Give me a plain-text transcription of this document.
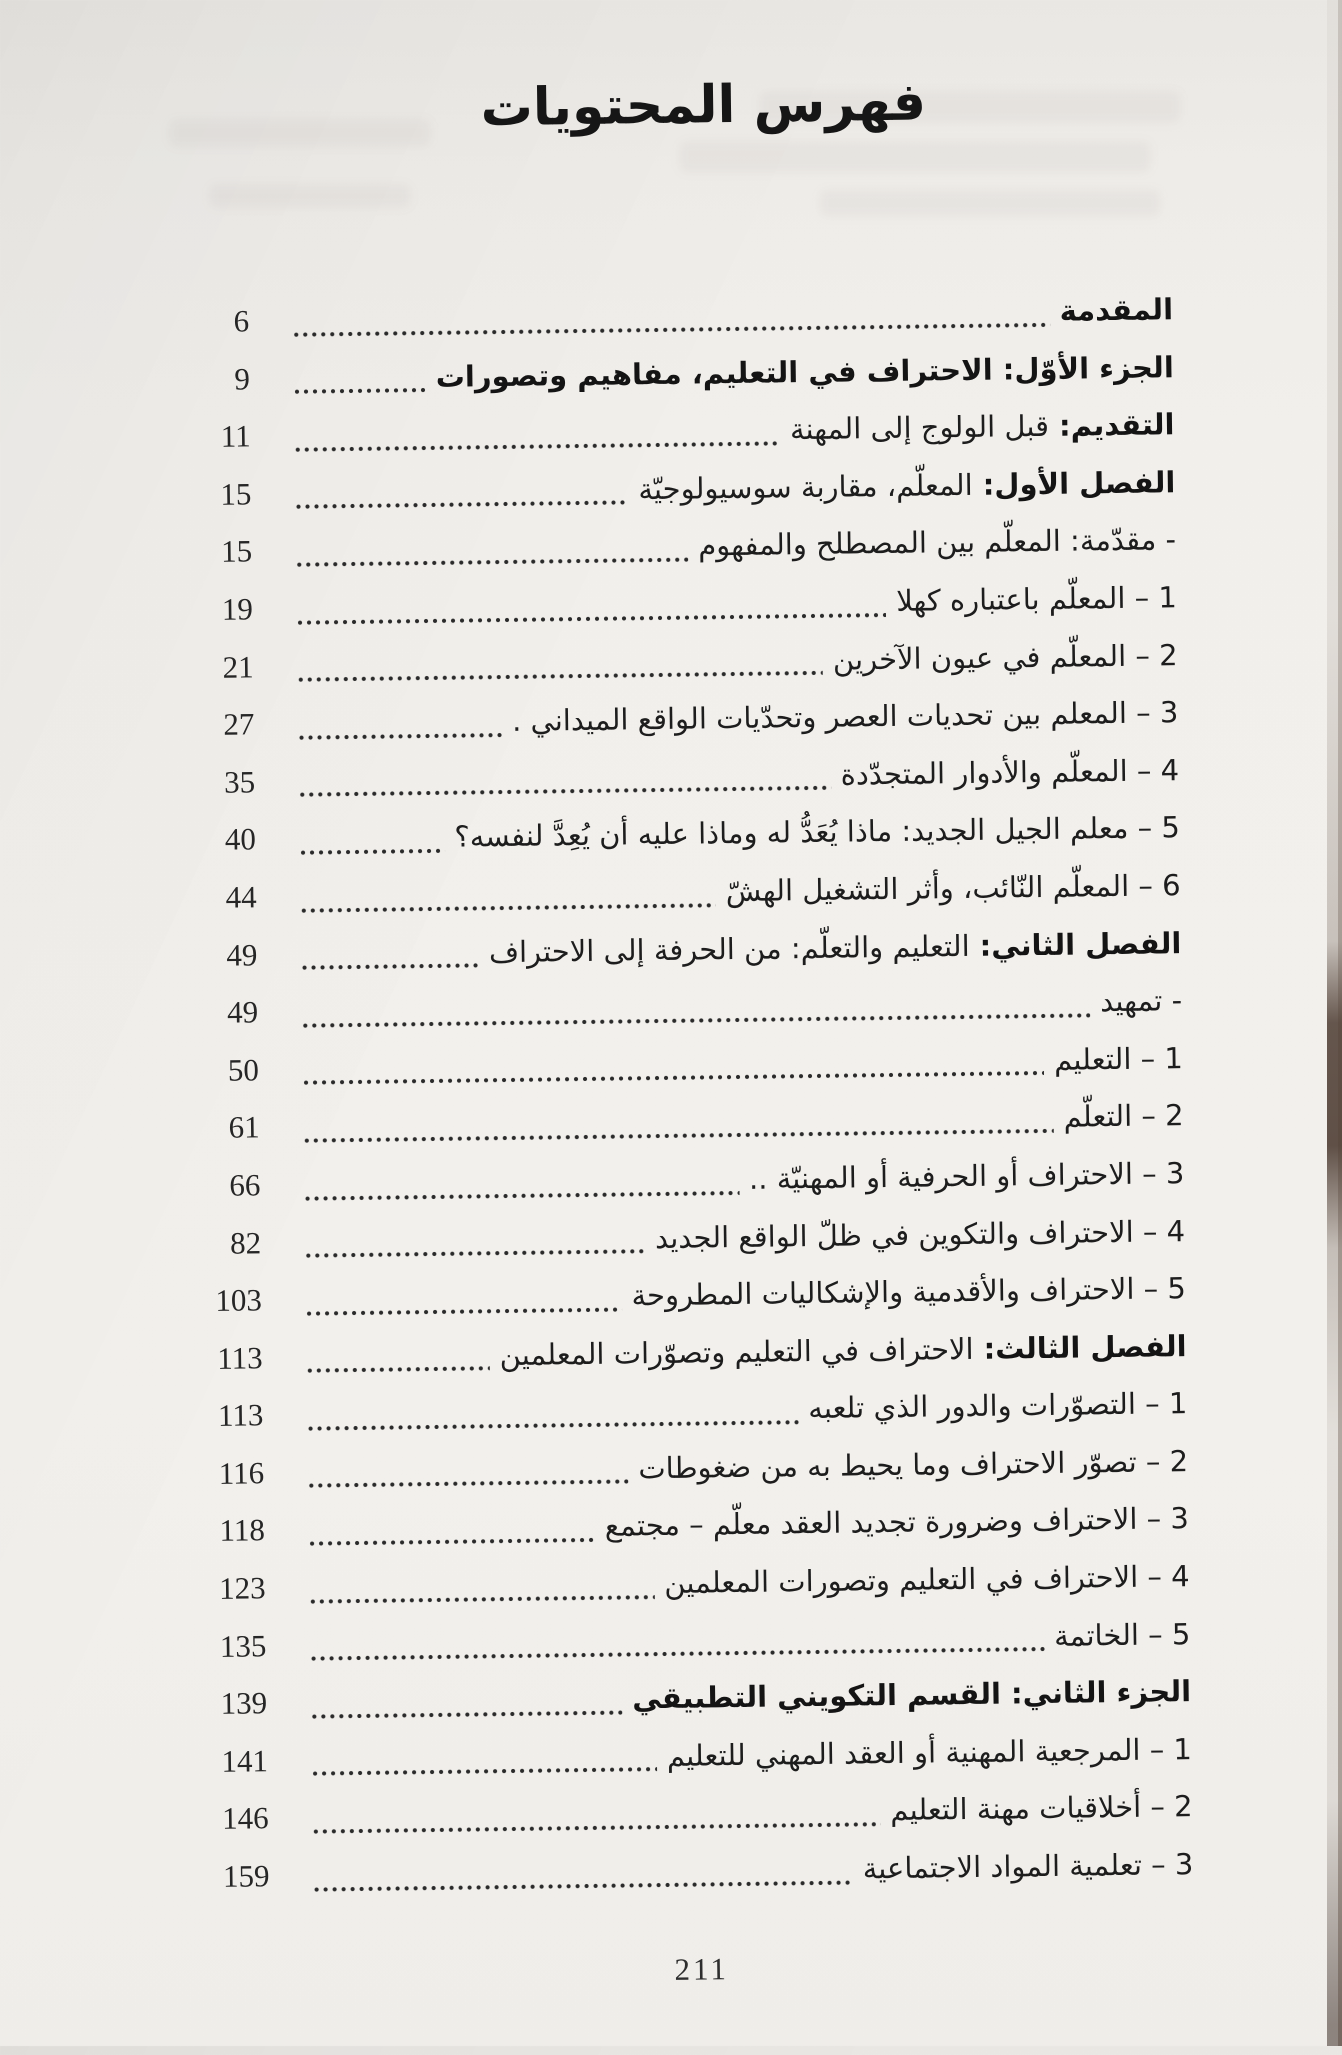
فهرس المحتويات
المقدمة
6
الجزء الأوّل: الاحتراف في التعليم، مفاهيم وتصورات
9
التقديم:قبل الولوج إلى المهنة
11
الفصل الأول:المعلّم، مقاربة سوسيولوجيّة
15
- مقدّمة: المعلّم بين المصطلح والمفهوم
15
1 – المعلّم باعتباره كهلا
19
2 – المعلّم في عيون الآخرين
21
3 – المعلم بين تحديات العصر وتحدّيات الواقع الميداني .
27
4 – المعلّم والأدوار المتجدّدة
35
5 – معلم الجيل الجديد: ماذا يُعَدُّ له وماذا عليه أن يُعِدَّ لنفسه؟
40
6 – المعلّم النّائب، وأثر التشغيل الهشّ
44
الفصل الثاني:التعليم والتعلّم: من الحرفة إلى الاحتراف
49
- تمهيد
49
1 – التعليم
50
2 – التعلّم
61
3 – الاحتراف أو الحرفية أو المهنيّة ..
66
4 – الاحتراف والتكوين في ظلّ الواقع الجديد
82
5 – الاحتراف والأقدمية والإشكاليات المطروحة
103
الفصل الثالث:الاحتراف في التعليم وتصوّرات المعلمين
113
1 – التصوّرات والدور الذي تلعبه
113
2 – تصوّر الاحتراف وما يحيط به من ضغوطات
116
3 – الاحتراف وضرورة تجديد العقد معلّم – مجتمع
118
4 – الاحتراف في التعليم وتصورات المعلمين
123
5 – الخاتمة
135
الجزء الثاني: القسم التكويني التطبيقي
139
1 – المرجعية المهنية أو العقد المهني للتعليم
141
2 – أخلاقيات مهنة التعليم
146
3 – تعلمية المواد الاجتماعية
159
211
